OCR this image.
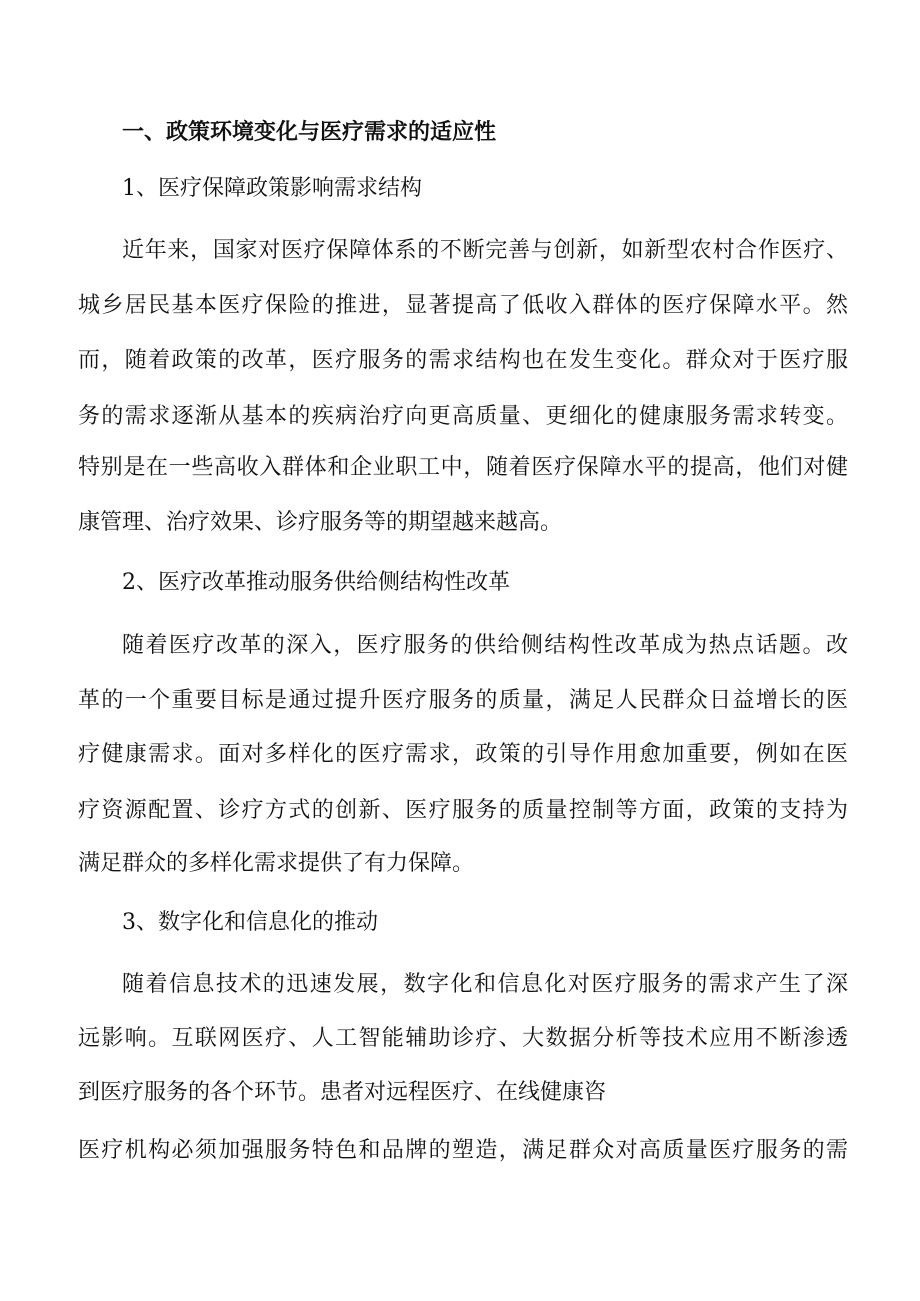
一、政策环境变化与医疗需求的适应性
1、医疗保障政策影响需求结构
近年来，国家对医疗保障体系的不断完善与创新，如新型农村合作医疗、
城乡居民基本医疗保险的推进，显著提高了低收入群体的医疗保障水平。然
而，随着政策的改革，医疗服务的需求结构也在发生变化。群众对于医疗服
务的需求逐渐从基本的疾病治疗向更高质量、更细化的健康服务需求转变。
特别是在一些高收入群体和企业职工中，随着医疗保障水平的提高，他们对健
康管理、治疗效果、诊疗服务等的期望越来越高。
2、医疗改革推动服务供给侧结构性改革
随着医疗改革的深入，医疗服务的供给侧结构性改革成为热点话题。改
革的一个重要目标是通过提升医疗服务的质量，满足人民群众日益增长的医
疗健康需求。面对多样化的医疗需求，政策的引导作用愈加重要，例如在医
疗资源配置、诊疗方式的创新、医疗服务的质量控制等方面，政策的支持为
满足群众的多样化需求提供了有力保障。
3、数字化和信息化的推动
随着信息技术的迅速发展，数字化和信息化对医疗服务的需求产生了深
远影响。互联网医疗、人工智能辅助诊疗、大数据分析等技术应用不断渗透
到医疗服务的各个环节。患者对远程医疗、在线健康咨
医疗机构必须加强服务特色和品牌的塑造，满足群众对高质量医疗服务的需
